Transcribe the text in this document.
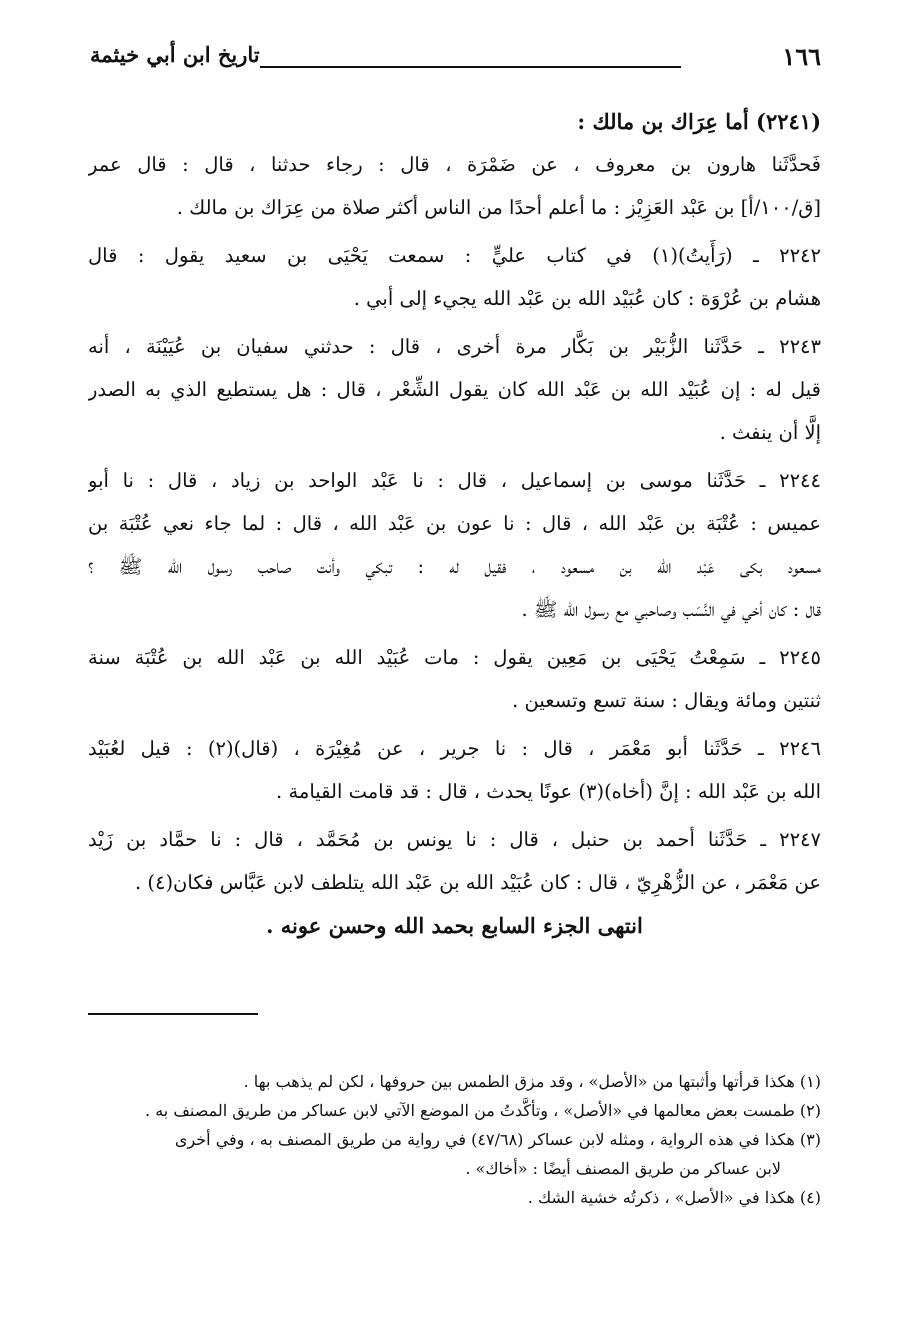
١٦٦
تاريخ ابن أبي خيثمة
(٢٢٤١) أما عِرَاك بن مالك :
فَحدَّثَنا هارون بن معروف ، عن ضَمْرَة ، قال : رجاء حدثنا ، قال : قال عمر
[ق/١٠٠/أ] بن عَبْد العَزِيْز : ما أعلم أحدًا من الناس أكثر صلاة من عِرَاك بن مالك .
٢٢٤٢ ـ (رَأَيتُ)(١) في كتاب عليٍّ : سمعت يَحْيَى بن سعيد يقول : قال
هشام بن عُرْوَة : كان عُبَيْد الله بن عَبْد الله يجيء إلى أبي .
٢٢٤٣ ـ حَدَّثَنا الزُّبَيْر بن بَكَّار مرة أخرى ، قال : حدثني سفيان بن عُيَيْنَة ، أنه
قيل له : إن عُبَيْد الله بن عَبْد الله كان يقول الشِّعْر ، قال : هل يستطيع الذي به الصدر
إلَّا أن ينفث .
٢٢٤٤ ـ حَدَّثَنا موسى بن إسماعيل ، قال : نا عَبْد الواحد بن زياد ، قال : نا أبو
عميس : عُتْبَة بن عَبْد الله ، قال : نا عون بن عَبْد الله ، قال : لما جاء نعي عُتْبَة بن
مسعود بكى عَبْد الله بن مسعود ، فقيل له : تبكي وأنت صاحب رسول الله ﷺ ؟
قال : كان أخي في النَّسَب وصاحبي مع رسول الله ﷺ .
٢٢٤٥ ـ سَمِعْتُ يَحْيَى بن مَعِين يقول : مات عُبَيْد الله بن عَبْد الله بن عُتْبَة سنة
ثنتين ومائة ويقال : سنة تسع وتسعين .
٢٢٤٦ ـ حَدَّثَنا أبو مَعْمَر ، قال : نا جرير ، عن مُغِيْرَة ، (قال)(٢) : قيل لعُبَيْد
الله بن عَبْد الله : إنَّ (أخاه)(٣) عونًا يحدث ، قال : قد قامت القيامة .
٢٢٤٧ ـ حَدَّثَنا أحمد بن حنبل ، قال : نا يونس بن مُحَمَّد ، قال : نا حمَّاد بن زَيْد
عن مَعْمَر ، عن الزُّهْرِيّ ، قال : كان عُبَيْد الله بن عَبْد الله يتلطف لابن عَبَّاس فكان(٤) .
انتهى الجزء السابع بحمد الله وحسن عونه .
(١) هكذا قرأتها وأثبتها من «الأصل» ، وقد مزق الطمس بين حروفها ، لكن لم يذهب بها .
(٢) طمست بعض معالمها في «الأصل» ، وتأكَّدتُ من الموضع الآتي لابن عساكر من طريق المصنف به .
(٣) هكذا في هذه الرواية ، ومثله لابن عساكر (٤٧/٦٨) في رواية من طريق المصنف به ، وفي أخرى
لابن عساكر من طريق المصنف أيضًا : «أخاك» .
(٤) هكذا في «الأصل» ، ذكرتُه خشية الشك .
